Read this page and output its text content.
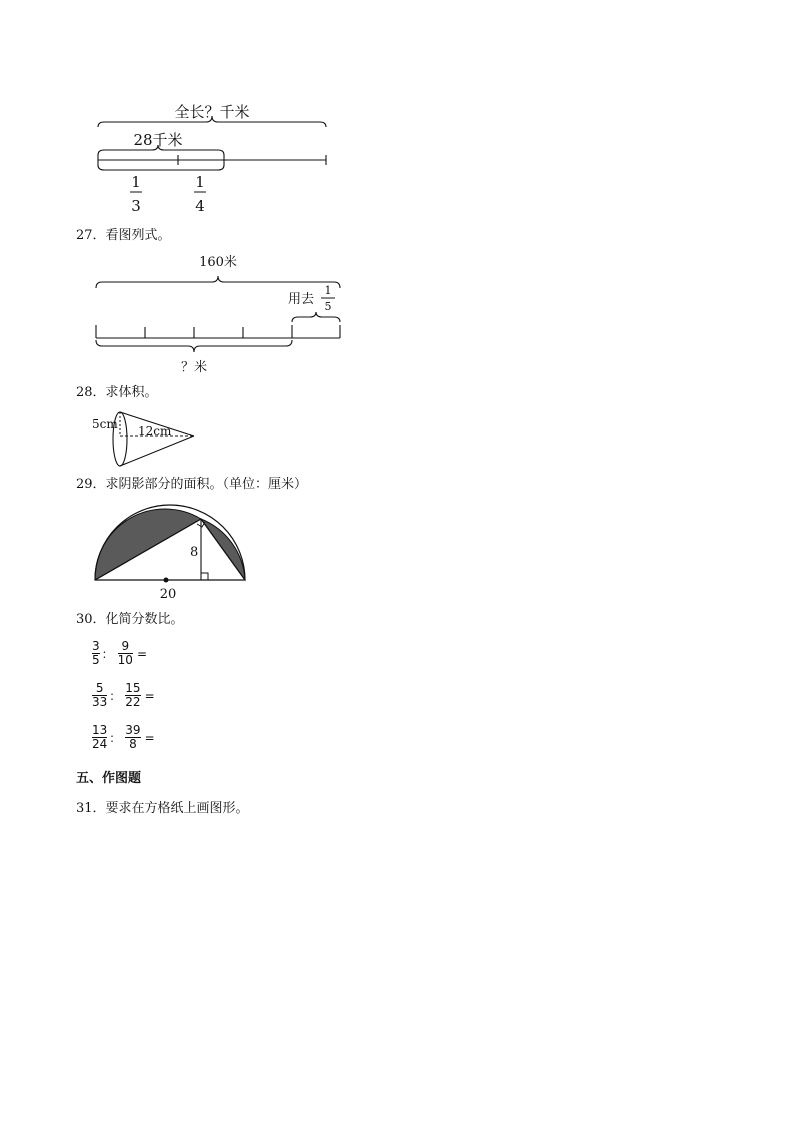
全长？千米
28千米
1
3
1
4
27．看图列式。
160米
用去
1
5
？米
28．求体积。
5cm 12cm
29．求阴影部分的面积。（单位：厘米）
8
20
30．化简分数比。
$\frac{3}{5}$ ： $\frac{9}{10}$ =
$\frac{5}{33}$ ： $\frac{15}{22}$ =
$\frac{13}{24}$ ： $\frac{39}{8}$ =
五、作图题
31．要求在方格纸上画图形。
